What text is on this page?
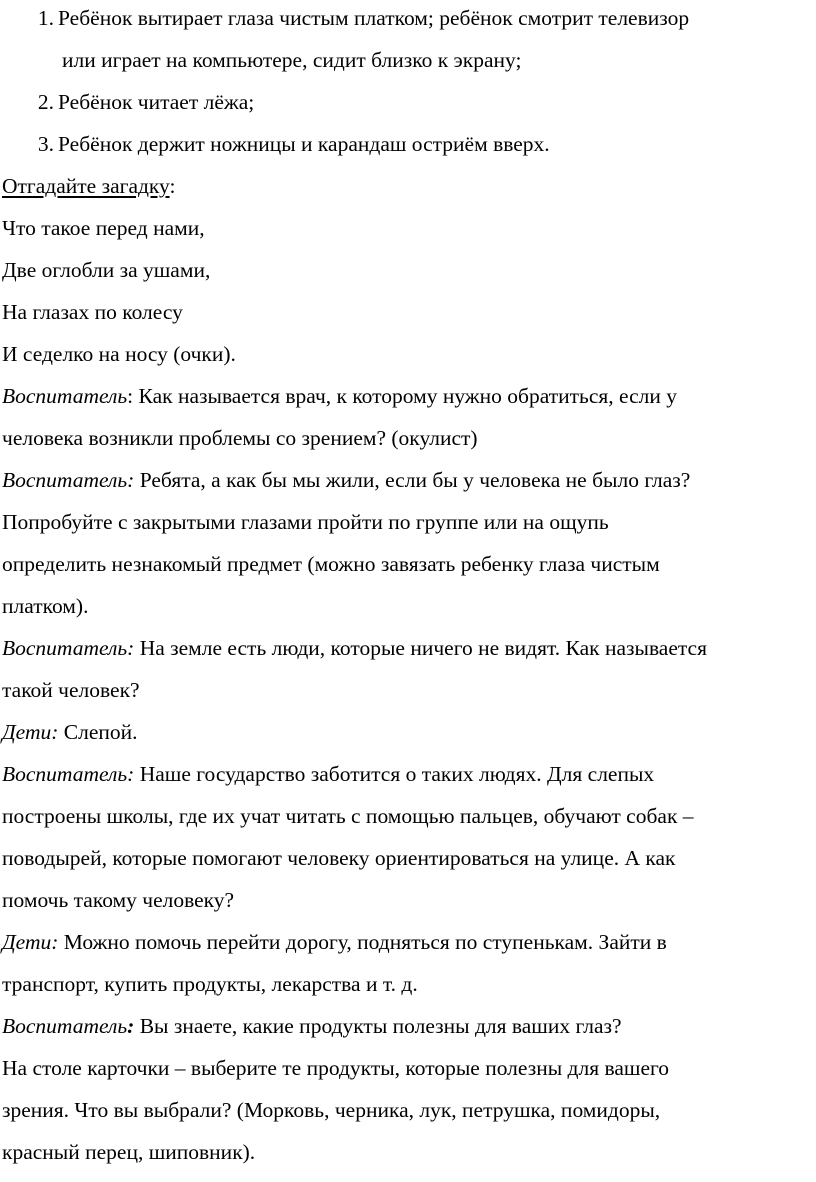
1. Ребёнок вытирает глаза чистым платком; ребёнок смотрит телевизор
или играет на компьютере, сидит близко к экрану;
2. Ребёнок читает лёжа;
3. Ребёнок держит ножницы и карандаш остриём вверх.
Отгадайте загадку:
Что такое перед нами,
Две оглобли за ушами,
На глазах по колесу
И седелко на носу (очки).
Воспитатель: Как называется врач, к которому нужно обратиться, если у
человека возникли проблемы со зрением? (окулист)
Воспитатель: Ребята, а как бы мы жили, если бы у человека не было глаз?
Попробуйте с закрытыми глазами пройти по группе или на ощупь
определить незнакомый предмет (можно завязать ребенку глаза чистым
платком).
Воспитатель: На земле есть люди, которые ничего не видят. Как называется
такой человек?
Дети: Слепой.
Воспитатель: Наше государство заботится о таких людях. Для слепых
построены школы, где их учат читать с помощью пальцев, обучают собак –
поводырей, которые помогают человеку ориентироваться на улице. А как
помочь такому человеку?
Дети: Можно помочь перейти дорогу, подняться по ступенькам. Зайти в
транспорт, купить продукты, лекарства и т. д.
Воспитатель: Вы знаете, какие продукты полезны для ваших глаз?
На столе карточки – выберите те продукты, которые полезны для вашего
зрения. Что вы выбрали? (Морковь, черника, лук, петрушка, помидоры,
красный перец, шиповник).
